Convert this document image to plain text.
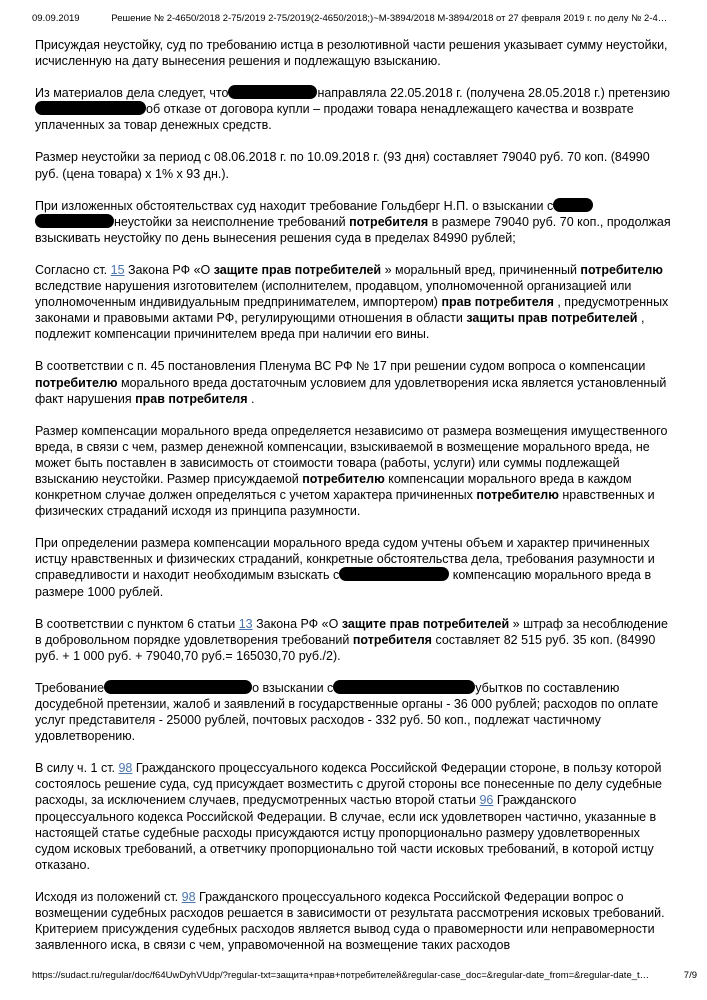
09.09.2019	Решение № 2-4650/2018 2-75/2019 2-75/2019(2-4650/2018;)~М-3894/2018 М-3894/2018 от 27 февраля 2019 г. по делу № 2-4…

Присуждая неустойку, суд по требованию истца в резолютивной части решения указывает сумму неустойки, исчисленную на дату вынесения решения и подлежащую взысканию.

Из материалов дела следует, что	направляла 22.05.2018 г. (получена 28.05.2018 г.) претензиюоб отказе от договора купли – продажи товара ненадлежащего качества и возврате уплаченных за товар денежных средств.

Размер неустойки за период с 08.06.2018 г. по 10.09.2018 г. (93 дня) составляет 79040 руб. 70 коп. (84990 руб. (цена товара) х 1% х 93 дн.).

При изложенных обстоятельствах суд находит требование Гольдберг Н.П. о взыскании с неустойки за неисполнение требований потребителя в размере 79040 руб. 70 коп., продолжая взыскивать неустойку по день вынесения решения суда в пределах 84990 рублей;

Согласно ст. 15 Закона РФ «О защите прав потребителей » моральный вред, причиненный потребителю вследствие нарушения изготовителем (исполнителем, продавцом, уполномоченной организацией или уполномоченным индивидуальным предпринимателем, импортером) прав потребителя , предусмотренных законами и правовыми актами РФ, регулирующими отношения в области защиты прав потребителей , подлежит компенсации причинителем вреда при наличии его вины.

В соответствии с п. 45 постановления Пленума ВС РФ № 17 при решении судом вопроса о компенсации потребителю морального вреда достаточным условием для удовлетворения иска является установленный факт нарушения прав потребителя .

Размер компенсации морального вреда определяется независимо от размера возмещения имущественного вреда, в связи с чем, размер денежной компенсации, взыскиваемой в возмещение морального вреда, не может быть поставлен в зависимость от стоимости товара (работы, услуги) или суммы подлежащей взысканию неустойки. Размер присуждаемой потребителю компенсации морального вреда в каждом конкретном случае должен определяться с учетом характера причиненных потребителю нравственных и физических страданий исходя из принципа разумности.

При определении размера компенсации морального вреда судом учтены объем и характер причиненных истцу нравственных и физических страданий, конкретные обстоятельства дела, требования разумности и справедливости и находит необходимым взыскать с	компенсацию морального вреда в размере 1000 рублей.

В соответствии с пунктом 6 статьи 13 Закона РФ «О защите прав потребителей » штраф за несоблюдение в добровольном порядке удовлетворения требований потребителя составляет 82 515 руб. 35 коп. (84990 руб. + 1 000 руб. + 79040,70 руб.= 165030,70 руб./2).

Требование	о взыскании с	убытков по составлению досудебной претензии, жалоб и заявлений в государственные органы - 36 000 рублей; расходов по оплате услуг представителя - 25000 рублей, почтовых расходов - 332 руб. 50 коп., подлежат частичному удовлетворению.

В силу ч. 1 ст. 98 Гражданского процессуального кодекса Российской Федерации стороне, в пользу которой состоялось решение суда, суд присуждает возместить с другой стороны все понесенные по делу судебные расходы, за исключением случаев, предусмотренных частью второй статьи 96 Гражданского процессуального кодекса Российской Федерации. В случае, если иск удовлетворен частично, указанные в настоящей статье судебные расходы присуждаются истцу пропорционально размеру удовлетворенных судом исковых требований, а ответчику пропорционально той части исковых требований, в которой истцу отказано.

Исходя из положений ст. 98 Гражданского процессуального кодекса Российской Федерации вопрос о возмещении судебных расходов решается в зависимости от результата рассмотрения исковых требований. Критерием присуждения судебных расходов является вывод суда о правомерности или неправомерности заявленного иска, в связи с чем, управомоченной на возмещение таких расходов

https://sudact.ru/regular/doc/f64UwDyhVUdp/?regular-txt=защита+прав+потребителей&regular-case_doc=&regular-date_from=&regular-date_t…	7/9
